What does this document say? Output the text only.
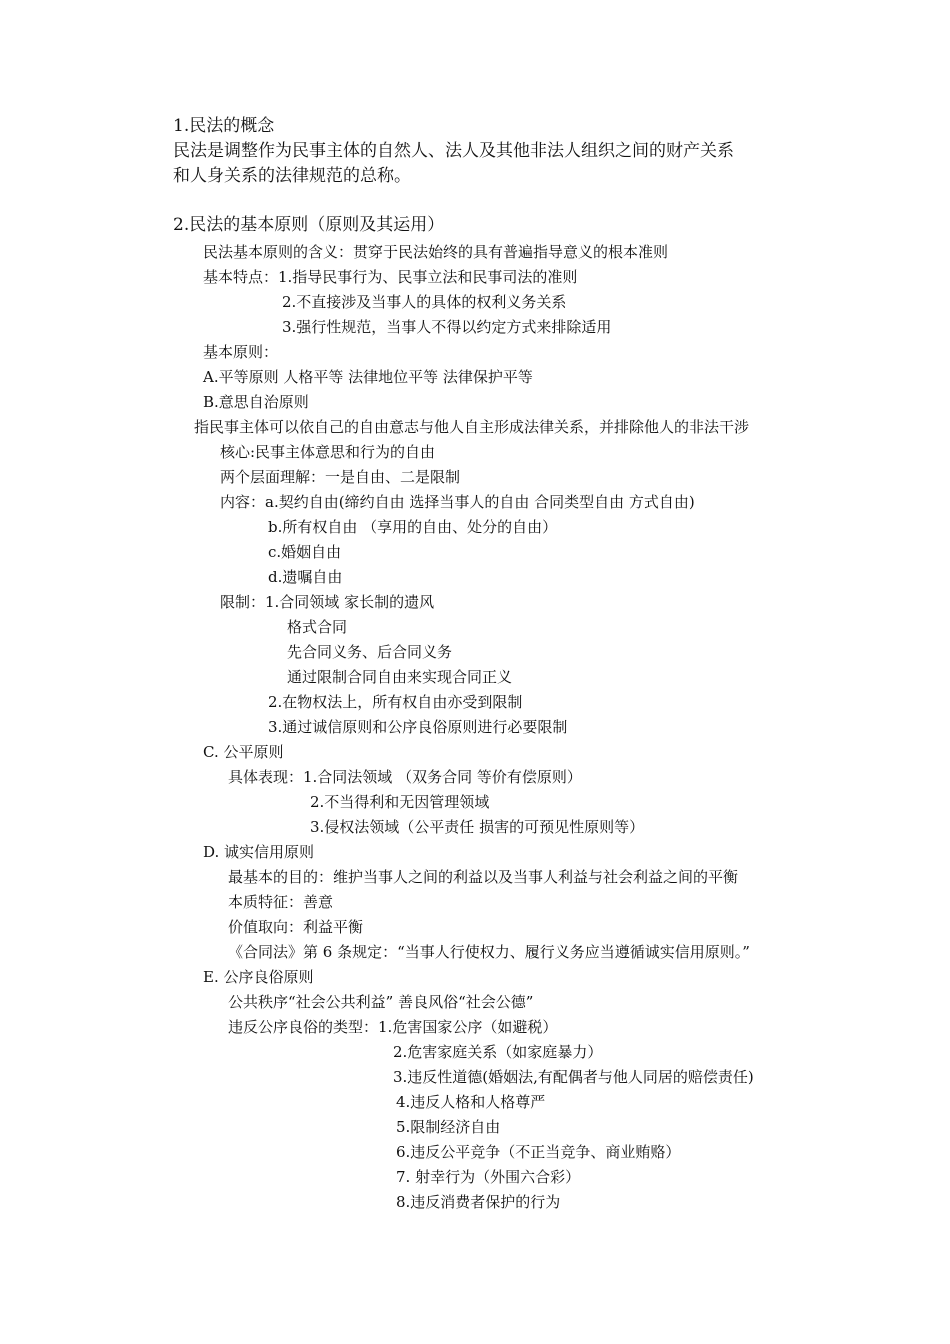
1.民法的概念
民法是调整作为民事主体的自然人、法人及其他非法人组织之间的财产关系
和人身关系的法律规范的总称。
2.民法的基本原则（原则及其运用）
民法基本原则的含义：贯穿于民法始终的具有普遍指导意义的根本准则
基本特点：1.指导民事行为、民事立法和民事司法的准则
2.不直接涉及当事人的具体的权利义务关系
3.强行性规范，当事人不得以约定方式来排除适用
基本原则：
A.平等原则 人格平等 法律地位平等 法律保护平等
B.意思自治原则
指民事主体可以依自己的自由意志与他人自主形成法律关系，并排除他人的非法干涉
核心:民事主体意思和行为的自由
两个层面理解：一是自由、二是限制
内容：a.契约自由(缔约自由 选择当事人的自由 合同类型自由 方式自由)
b.所有权自由 （享用的自由、处分的自由）
c.婚姻自由
d.遗嘱自由
限制：1.合同领域 家长制的遗风
格式合同
先合同义务、后合同义务
通过限制合同自由来实现合同正义
2.在物权法上，所有权自由亦受到限制
3.通过诚信原则和公序良俗原则进行必要限制
C. 公平原则
具体表现：1.合同法领域 （双务合同 等价有偿原则）
2.不当得利和无因管理领域
3.侵权法领域（公平责任 损害的可预见性原则等）
D. 诚实信用原则
最基本的目的：维护当事人之间的利益以及当事人利益与社会利益之间的平衡
本质特征：善意
价值取向：利益平衡
《合同法》第 6 条规定：“当事人行使权力、履行义务应当遵循诚实信用原则。”
E. 公序良俗原则
公共秩序“社会公共利益” 善良风俗“社会公德”
违反公序良俗的类型：1.危害国家公序（如避税）
2.危害家庭关系（如家庭暴力）
3.违反性道德(婚姻法,有配偶者与他人同居的赔偿责任)
4.违反人格和人格尊严
5.限制经济自由
6.违反公平竞争（不正当竞争、商业贿赂）
7. 射幸行为（外围六合彩）
8.违反消费者保护的行为
